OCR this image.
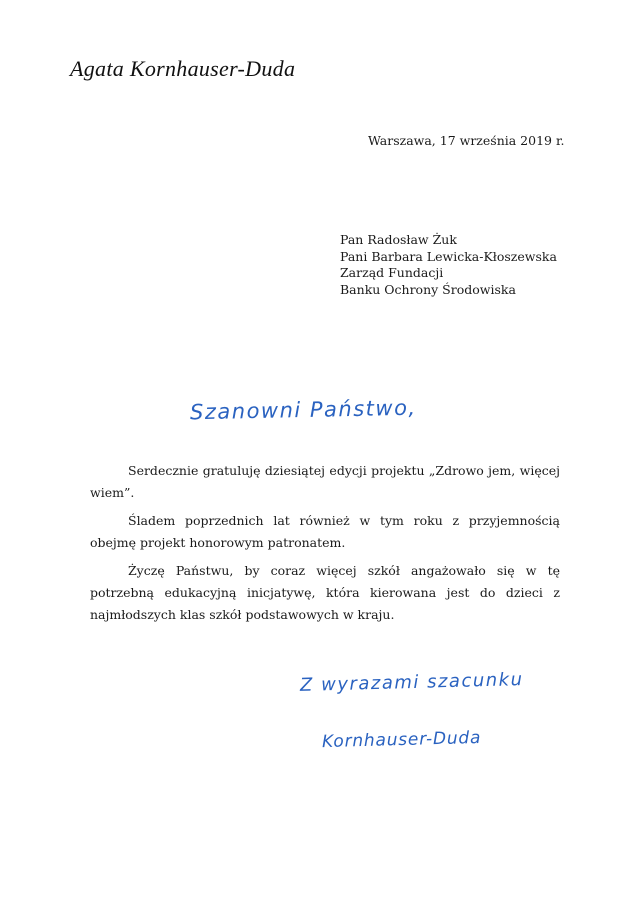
Agata Kornhauser-Duda
Warszawa, 17 września 2019 r.
Pan Radosław Żuk
Pani Barbara Lewicka-Kłoszewska
Zarząd Fundacji
Banku Ochrony Środowiska
Szanowni Państwo,

Serdecznie gratuluję dziesiątej edycji projektu „Zdrowo jem, więcej wiem”.

Śladem poprzednich lat również w tym roku z przyjemnością obejmę projekt honorowym patronatem.

Życzę Państwu, by coraz więcej szkół angażowało się w tę potrzebną edukacyjną inicjatywę, która kierowana jest do dzieci z najmłodszych klas szkół podstawowych w kraju.

Z wyrazami szacunku
Kornhauser-Duda
